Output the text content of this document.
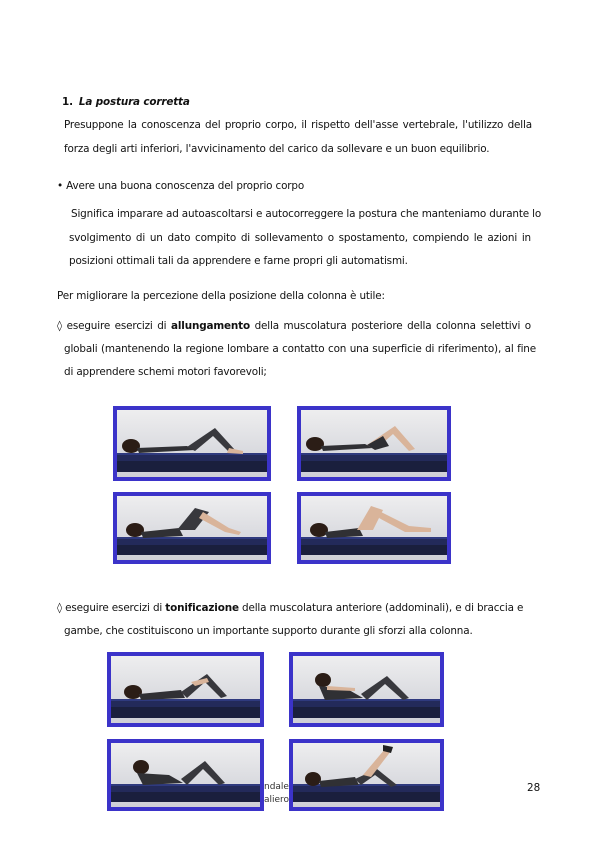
1. La postura corretta
Presuppone la conoscenza del proprio corpo, il rispetto dell'asse vertebrale, l'utilizzo della
forza degli arti inferiori, l'avvicinamento del carico da sollevare e un buon equilibrio.
• Avere una buona conoscenza del proprio corpo
Significa imparare ad autoascoltarsi e autocorreggere la postura che manteniamo durante lo
svolgimento di un dato compito di sollevamento o spostamento, compiendo le azioni in
posizioni ottimali tali da apprendere e farne propri gli automatismi.
Per migliorare la percezione della posizione della colonna è utile:
◊ eseguire esercizi di allungamento della muscolatura posteriore della colonna selettivi o
globali (mantenendo la regione lombare a contatto con una superficie di riferimento), al fine
di apprendere schemi motori favorevoli;
◊ eseguire esercizi di tonificazione della muscolatura anteriore (addominali), e di braccia e
gambe, che costituiscono un importante supporto durante gli sforzi alla colonna.
ndale
aliero
28
